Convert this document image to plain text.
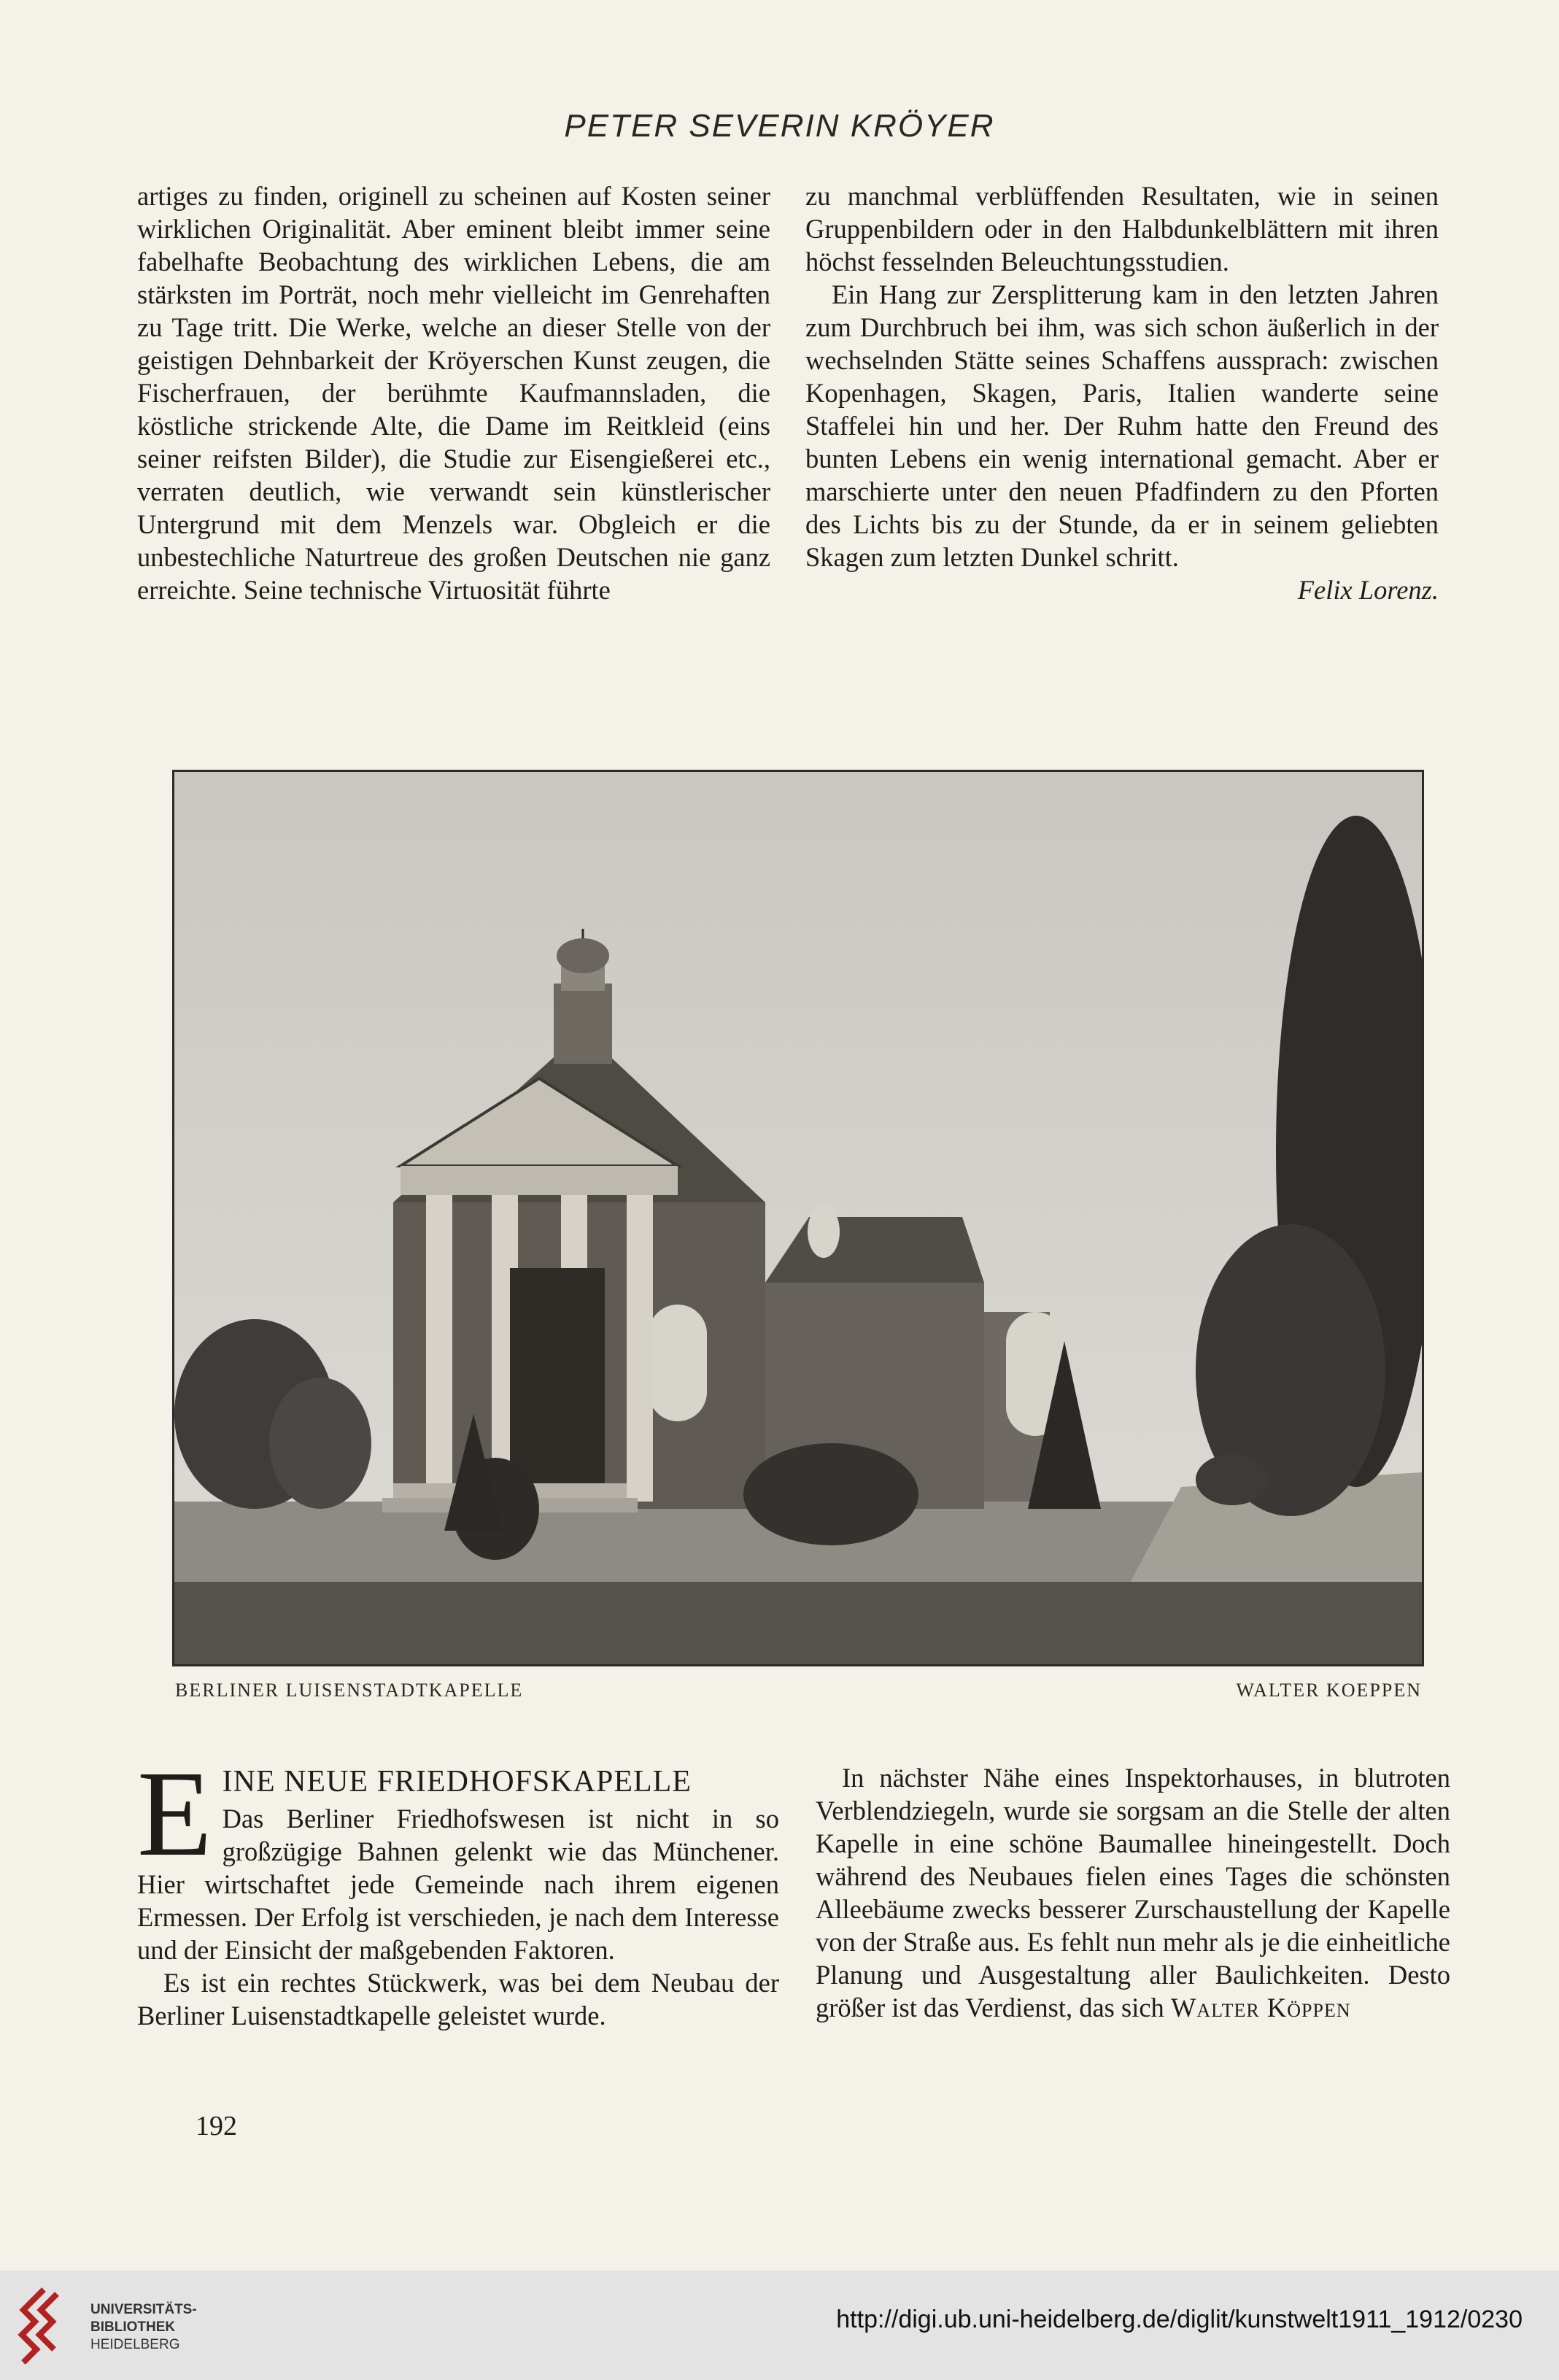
PETER SEVERIN KRÖYER

artiges zu finden, originell zu scheinen auf Kosten seiner wirklichen Originalität. Aber eminent bleibt immer seine fabelhafte Beobachtung des wirklichen Lebens, die am stärksten im Porträt, noch mehr vielleicht im Genrehaften zu Tage tritt. Die Werke, welche an dieser Stelle von der geistigen Dehnbarkeit der Kröyerschen Kunst zeugen, die Fischerfrauen, der berühmte Kaufmannsladen, die köstliche strickende Alte, die Dame im Reitkleid (eins seiner reifsten Bilder), die Studie zur Eisengießerei etc., verraten deutlich, wie verwandt sein künstlerischer Untergrund mit dem Menzels war. Obgleich er die unbestechliche Naturtreue des großen Deutschen nie ganz erreichte. Seine technische Virtuosität führte

zu manchmal verblüffenden Resultaten, wie in seinen Gruppenbildern oder in den Halbdunkelblättern mit ihren höchst fesselnden Beleuchtungsstudien.

Ein Hang zur Zersplitterung kam in den letzten Jahren zum Durchbruch bei ihm, was sich schon äußerlich in der wechselnden Stätte seines Schaffens aussprach: zwischen Kopenhagen, Skagen, Paris, Italien wanderte seine Staffelei hin und her. Der Ruhm hatte den Freund des bunten Lebens ein wenig international gemacht. Aber er marschierte unter den neuen Pfadfindern zu den Pforten des Lichts bis zu der Stunde, da er in seinem geliebten Skagen zum letzten Dunkel schritt.

Felix Lorenz.

BERLINER LUISENSTADTKAPELLE	WALTER KOEPPEN

E INE NEUE FRIEDHOFSKAPELLE
Das Berliner Friedhofswesen ist nicht in so großzügige Bahnen gelenkt wie das Münchener. Hier wirtschaftet jede Gemeinde nach ihrem eigenen Ermessen. Der Erfolg ist verschieden, je nach dem Interesse und der Einsicht der maßgebenden Faktoren.

Es ist ein rechtes Stückwerk, was bei dem Neubau der Berliner Luisenstadtkapelle geleistet wurde.

In nächster Nähe eines Inspektorhauses, in blutroten Verblendziegeln, wurde sie sorgsam an die Stelle der alten Kapelle in eine schöne Baumallee hineingestellt. Doch während des Neubaues fielen eines Tages die schönsten Alleebäume zwecks besserer Zurschaustellung der Kapelle von der Straße aus. Es fehlt nun mehr als je die einheitliche Planung und Ausgestaltung aller Baulichkeiten. Desto größer ist das Verdienst, das sich Walter Köppen

192
UNIVERSITÄTS-
BIBLIOTHEK
HEIDELBERG
http://digi.ub.uni-heidelberg.de/diglit/kunstwelt1911_1912/0230
